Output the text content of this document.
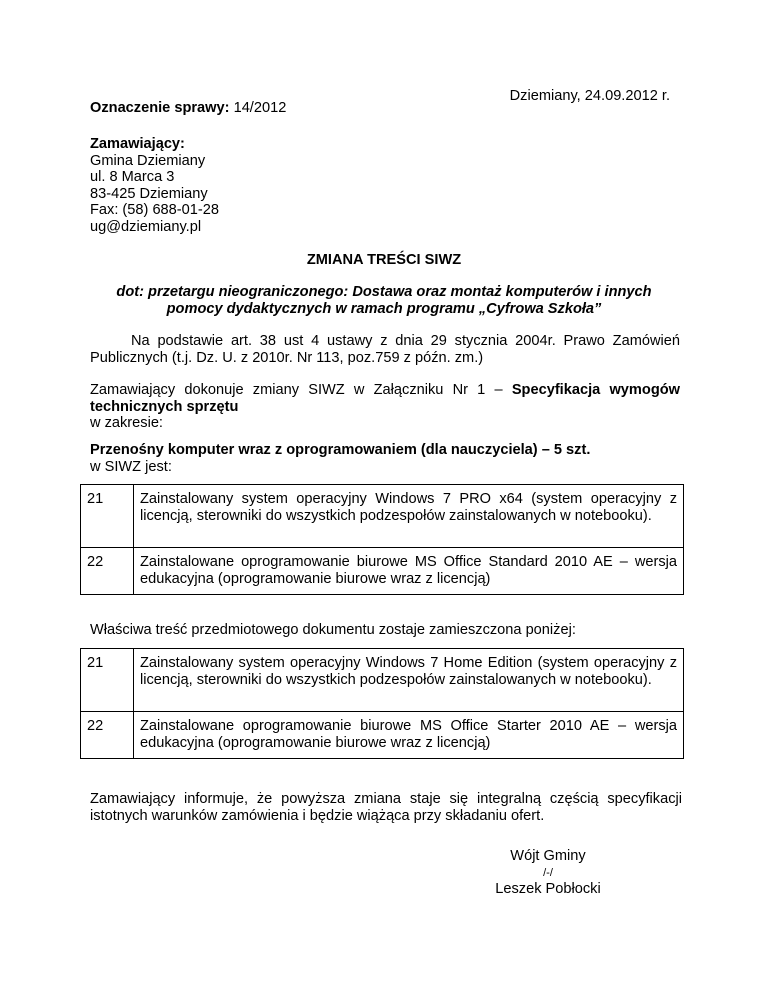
Dziemiany, 24.09.2012 r.
Oznaczenie sprawy: 14/2012
Zamawiający:
Gmina Dziemiany
ul. 8 Marca 3
83-425 Dziemiany
Fax: (58) 688-01-28
ug@dziemiany.pl
ZMIANA TREŚCI SIWZ
dot: przetargu nieograniczonego: Dostawa oraz montaż komputerów i innych pomocy dydaktycznych w ramach programu „Cyfrowa Szkoła”
Na podstawie art. 38 ust 4 ustawy z dnia 29 stycznia 2004r. Prawo Zamówień Publicznych (t.j. Dz. U. z 2010r. Nr 113, poz.759 z późn. zm.)
Zamawiający dokonuje zmiany SIWZ w Załączniku Nr 1 – Specyfikacja wymogów technicznych sprzętu
w zakresie:
Przenośny komputer wraz z oprogramowaniem (dla nauczyciela) – 5 szt.
w SIWZ jest:
21	Zainstalowany system operacyjny Windows 7 PRO x64 (system operacyjny z licencją, sterowniki do wszystkich podzespołów zainstalowanych w notebooku).
22	Zainstalowane oprogramowanie biurowe MS Office Standard 2010 AE – wersja edukacyjna (oprogramowanie biurowe wraz z licencją)
Właściwa treść przedmiotowego dokumentu zostaje zamieszczona poniżej:
21	Zainstalowany system operacyjny Windows 7 Home Edition (system operacyjny z licencją, sterowniki do wszystkich podzespołów zainstalowanych w notebooku).
22	Zainstalowane oprogramowanie biurowe MS Office Starter 2010 AE – wersja edukacyjna (oprogramowanie biurowe wraz z licencją)
Zamawiający informuje, że powyższa zmiana staje się integralną częścią specyfikacji istotnych warunków zamówienia i będzie wiążąca przy składaniu ofert.
Wójt Gminy
/-/
Leszek Pobłocki
